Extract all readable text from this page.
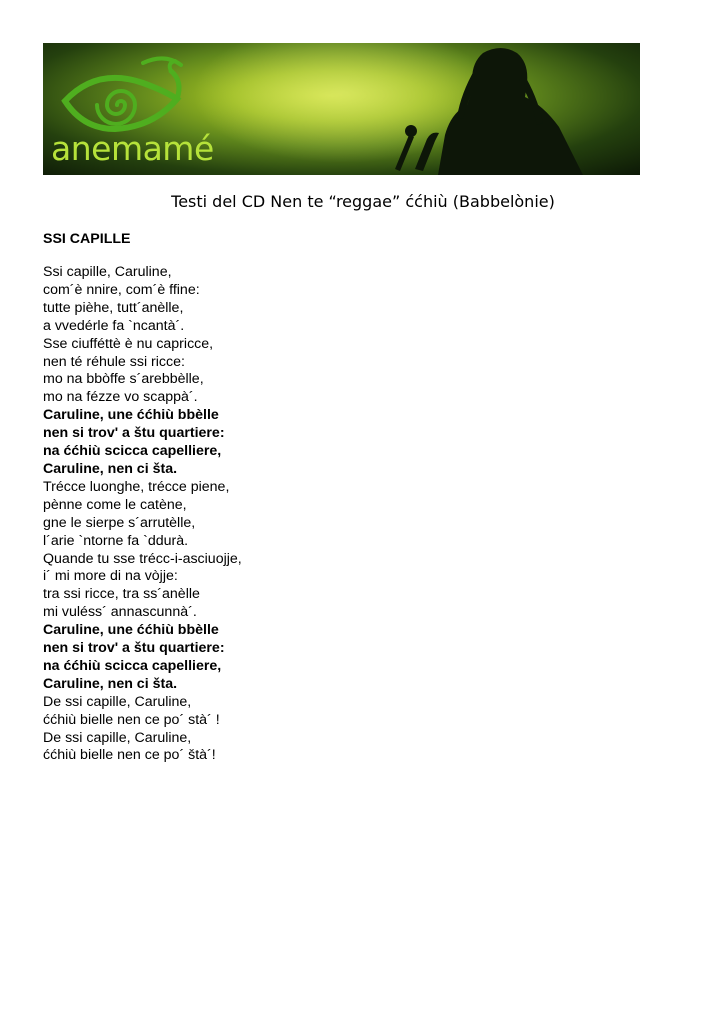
anemamé
Testi del CD Nen te “reggae” ććhiù (Babbelònie)
SSI CAPILLE
Ssi capille, Caruline,
com´è nnire, com´è ffine:
tutte pièhe, tutt´anèlle,
a vvedérle fa `ncantà´.
Sse ciufféttè è nu capricce,
nen té réhule ssi ricce:
mo na bbòffe s´arebbèlle,
mo na fézze vo scappà´.
Caruline, une ććhiù bbèlle
nen si trov' a štu quartiere:
na ććhiù scicca capelliere,
Caruline, nen ci šta.
Trécce luonghe, trécce piene,
pènne come le catène,
gne le sierpe s´arrutèlle,
l´arie `ntorne fa `ddurà.
Quande tu sse trécc-i-asciuojje,
i´ mi more di na vòjje:
tra ssi ricce, tra ss´anèlle
mi vuléss´ annascunnà´.
Caruline, une ććhiù bbèlle
nen si trov' a štu quartiere:
na ććhiù scicca capelliere,
Caruline, nen ci šta.
De ssi capille, Caruline,
ććhiù bielle nen ce po´ stà´ !
De ssi capille, Caruline,
ććhiù bielle nen ce po´ štà´!
